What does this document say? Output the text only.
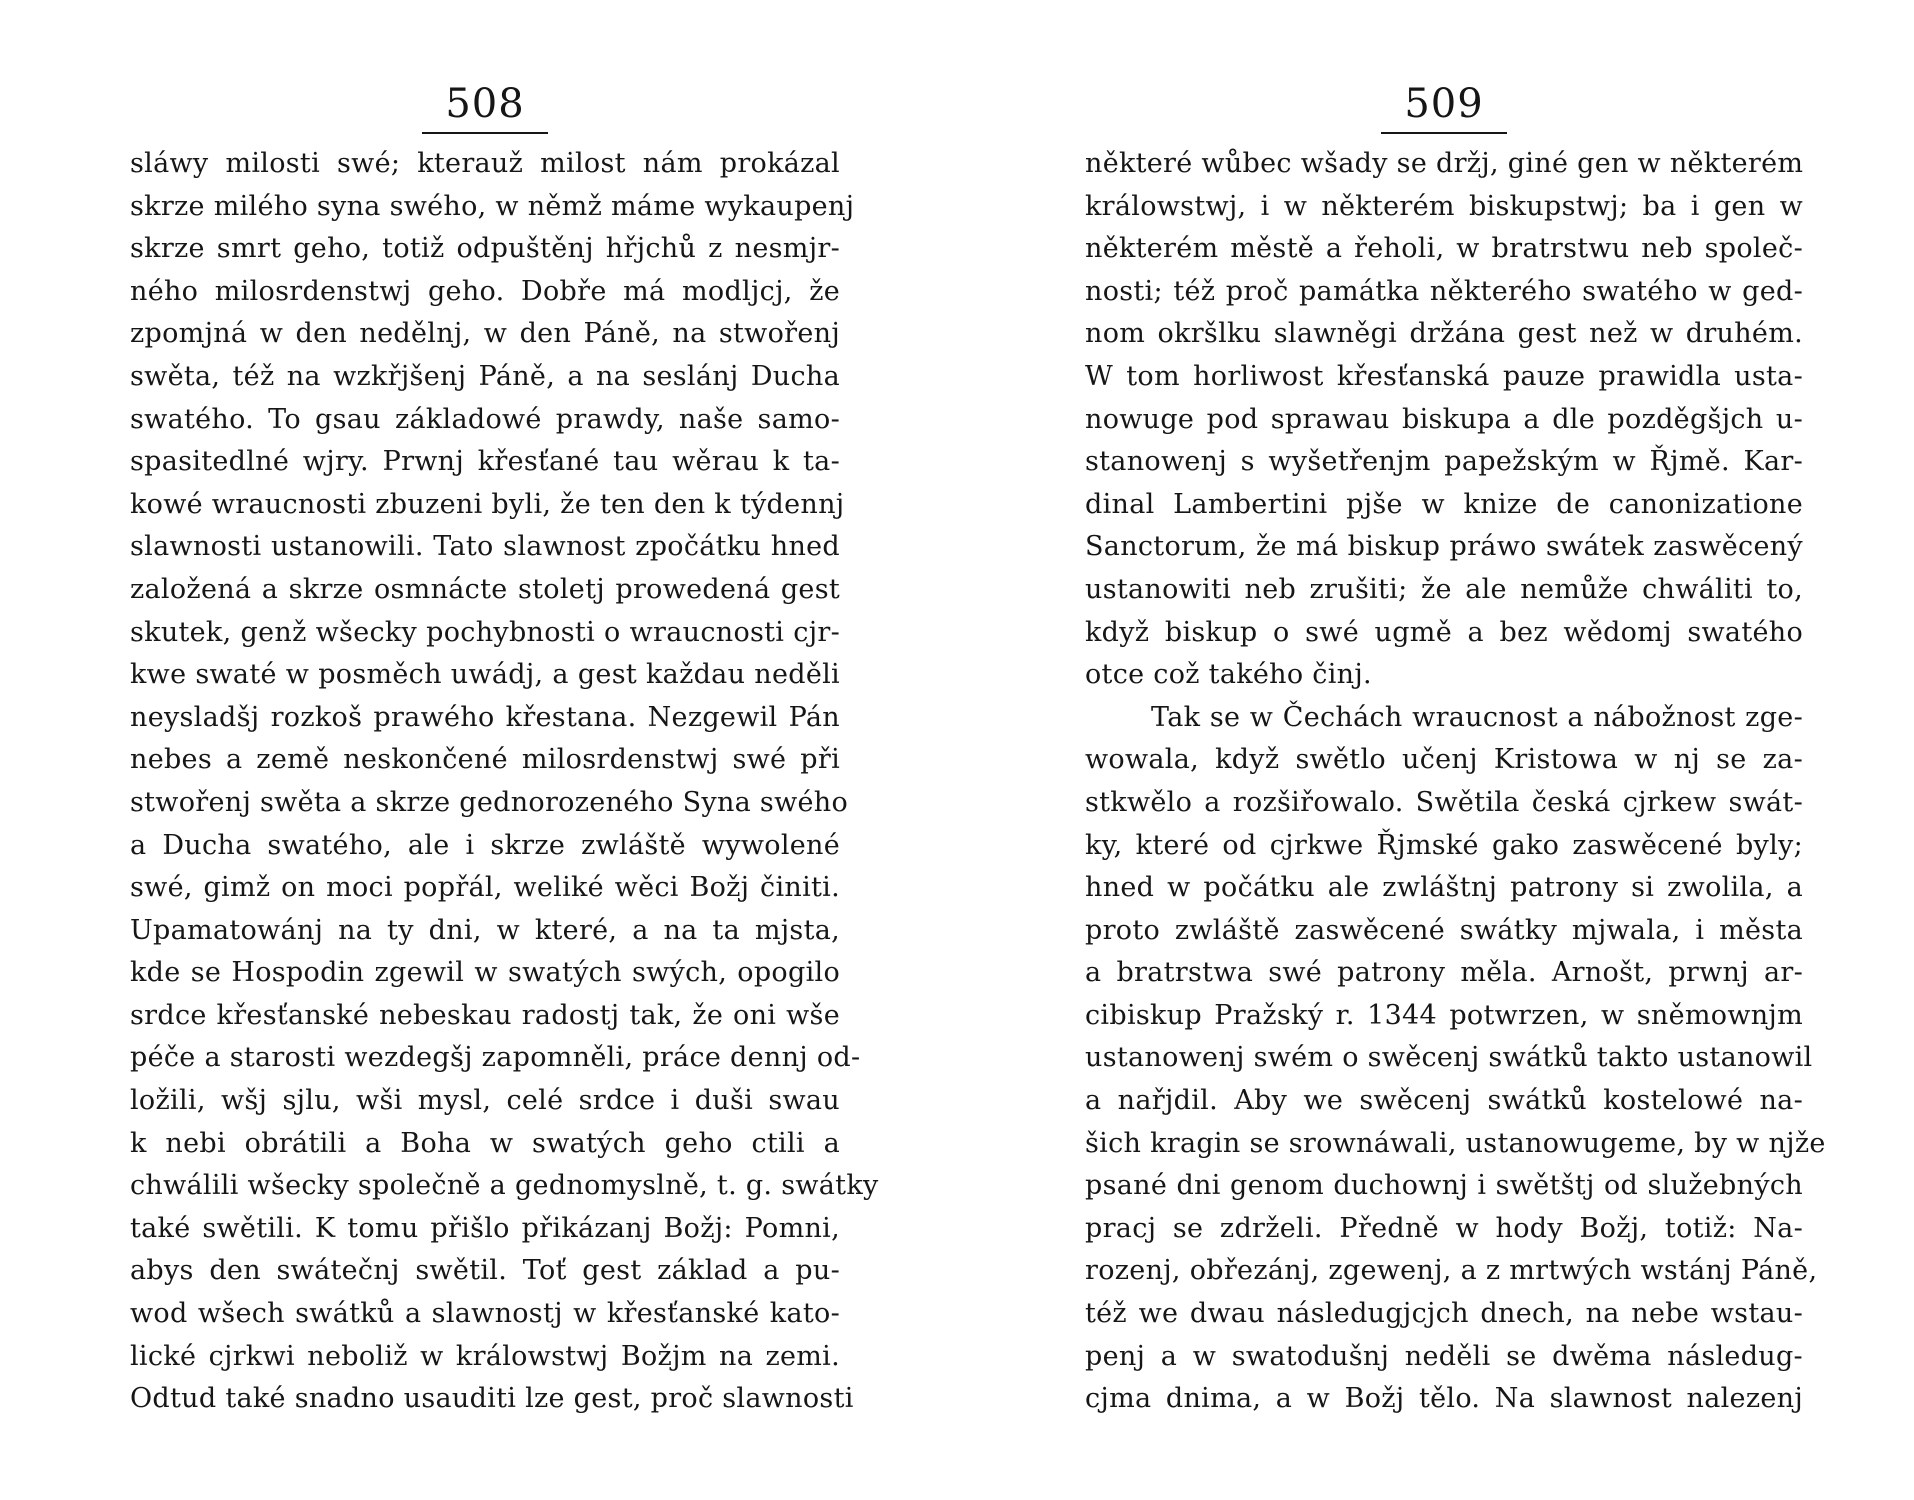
508
sláwy milosti swé; kterauž milost nám prokázal
skrze milého syna swého, w němž máme wykaupenj
skrze smrt geho, totiž odpuštěnj hřjchů z nesmjr-
ného milosrdenstwj geho. Dobře má modljcj, že
zpomjná w den nedělnj, w den Páně, na stwořenj
swěta, též na wzkřjšenj Páně, a na seslánj Ducha
swatého. To gsau základowé prawdy, naše samo-
spasitedlné wjry. Prwnj křesťané tau wěrau k ta-
kowé wraucnosti zbuzeni byli, že ten den k týdennj
slawnosti ustanowili. Tato slawnost zpočátku hned
založená a skrze osmnácte stoletj prowedená gest
skutek, genž wšecky pochybnosti o wraucnosti cjr-
kwe swaté w posměch uwádj, a gest každau neděli
neysladšj rozkoš prawého křestana. Nezgewil Pán
nebes a země neskončené milosrdenstwj swé při
stwořenj swěta a skrze gednorozeného Syna swého
a Ducha swatého, ale i skrze zwláště wywolené
swé, gimž on moci popřál, weliké wěci Božj činiti.
Upamatowánj na ty dni, w které, a na ta mjsta,
kde se Hospodin zgewil w swatých swých, opogilo
srdce křesťanské nebeskau radostj tak, že oni wše
péče a starosti wezdegšj zapomněli, práce dennj od-
ložili, wšj sjlu, wši mysl, celé srdce i duši swau
k nebi obrátili a Boha w swatých geho ctili a
chwálili wšecky společně a gednomyslně, t. g. swátky
také swětili. K tomu přišlo přikázanj Božj: Pomni,
abys den swátečnj swětil. Toť gest základ a pu-
wod wšech swátků a slawnostj w křesťanské kato-
lické cjrkwi neboliž w králowstwj Božjm na zemi.
Odtud také snadno usauditi lze gest, proč slawnosti
509
některé wůbec wšady se držj, giné gen w některém
králowstwj, i w některém biskupstwj; ba i gen w
některém městě a řeholi, w bratrstwu neb společ-
nosti; též proč památka některého swatého w ged-
nom okršlku slawněgi držána gest než w druhém.
W tom horliwost křesťanská pauze prawidla usta-
nowuge pod sprawau biskupa a dle pozděgšjch u-
stanowenj s wyšetřenjm papežským w Řjmě. Kar-
dinal Lambertini pjše w knize de canonizatione
Sanctorum, že má biskup práwo swátek zaswěcený
ustanowiti neb zrušiti; že ale nemůže chwáliti to,
když biskup o swé ugmě a bez wědomj swatého
otce což takého činj.
Tak se w Čechách wraucnost a nábožnost zge-
wowala, když swětlo učenj Kristowa w nj se za-
stkwělo a rozšiřowalo. Swětila česká cjrkew swát-
ky, které od cjrkwe Řjmské gako zaswěcené byly;
hned w počátku ale zwláštnj patrony si zwolila, a
proto zwláště zaswěcené swátky mjwala, i města
a bratrstwa swé patrony měla. Arnošt, prwnj ar-
cibiskup Pražský r. 1344 potwrzen, w sněmownjm
ustanowenj swém o swěcenj swátků takto ustanowil
a nařjdil. Aby we swěcenj swátků kostelowé na-
šich kragin se srownáwali, ustanowugeme, by w njže
psané dni genom duchownj i swětštj od služebných
pracj se zdrželi. Předně w hody Božj, totiž: Na-
rozenj, obřezánj, zgewenj, a z mrtwých wstánj Páně,
též we dwau následugjcjch dnech, na nebe wstau-
penj a w swatodušnj neděli se dwěma následug-
cjma dnima, a w Božj tělo. Na slawnost nalezenj
